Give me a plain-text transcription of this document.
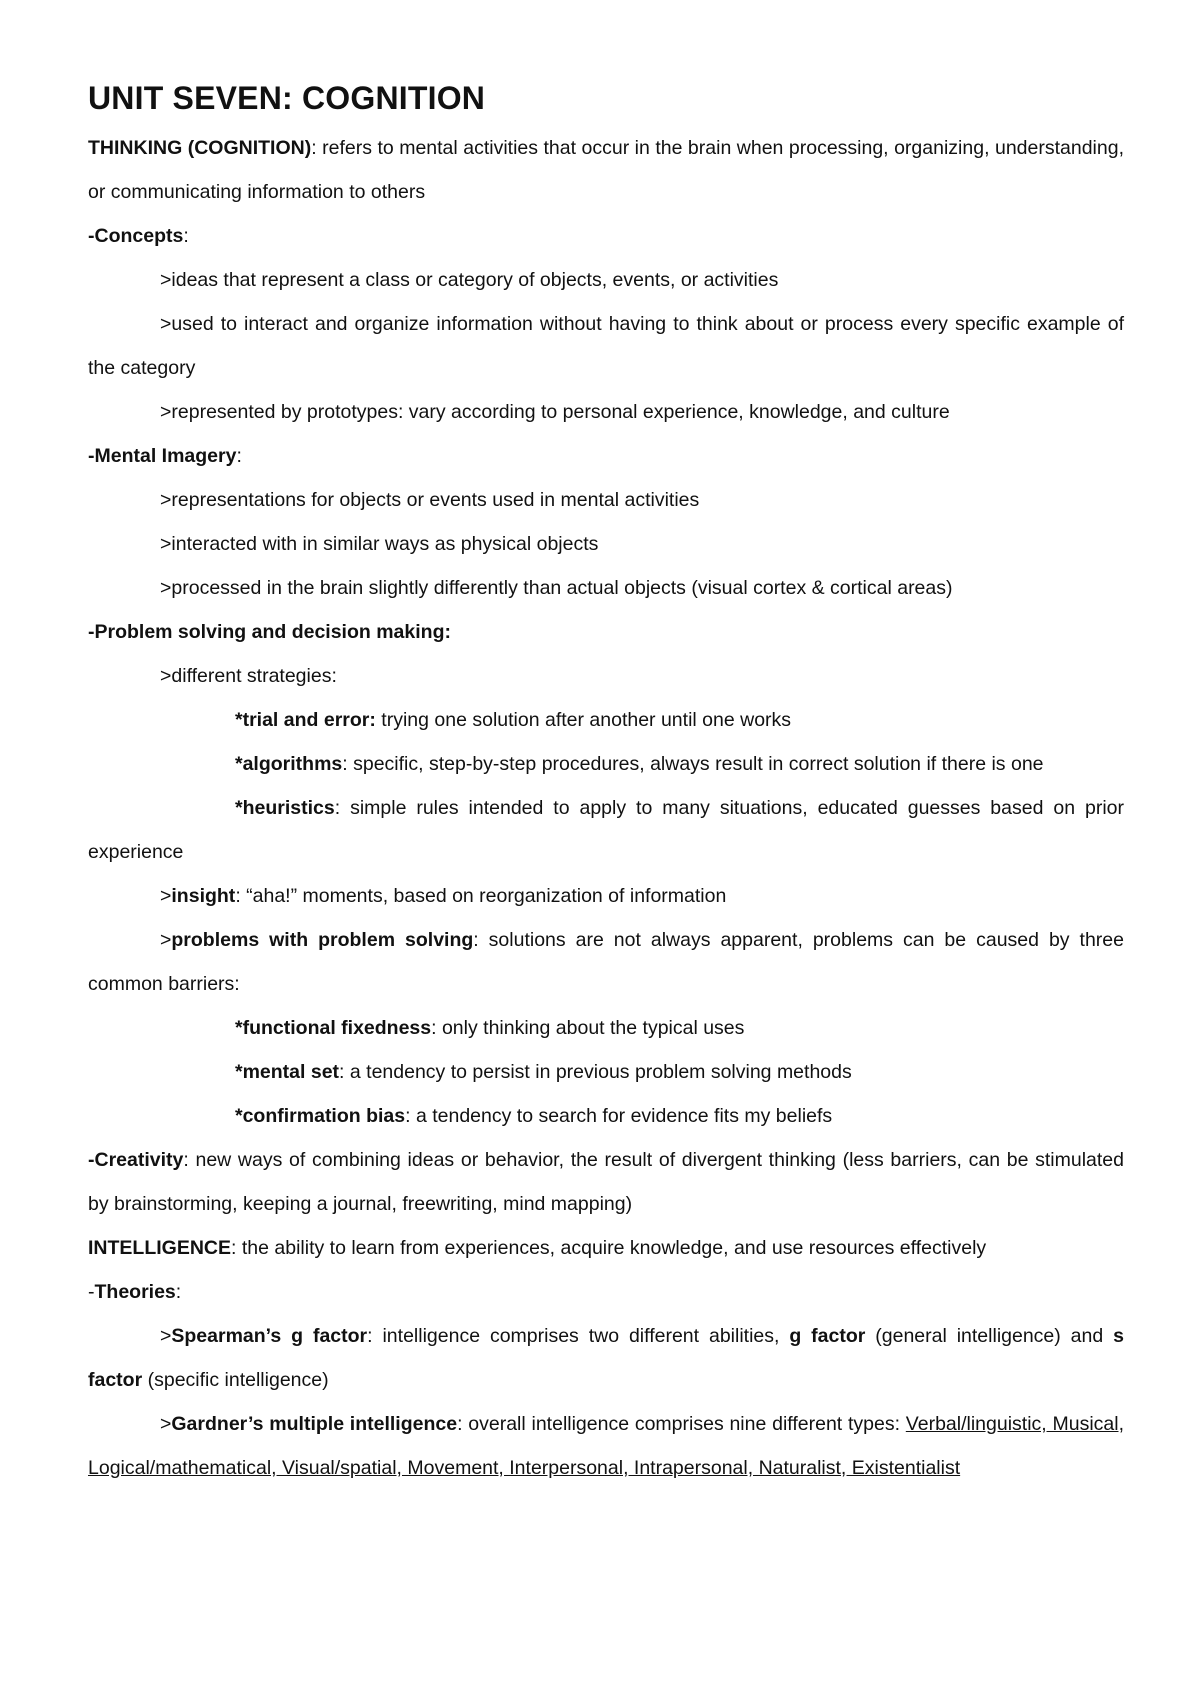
UNIT SEVEN: COGNITION

THINKING (COGNITION): refers to mental activities that occur in the brain when processing, organizing, understanding, or communicating information to others

-Concepts:

>ideas that represent a class or category of objects, events, or activities

>used to interact and organize information without having to think about or process every specific example of the category

>represented by prototypes: vary according to personal experience, knowledge, and culture

-Mental Imagery:

>representations for objects or events used in mental activities

>interacted with in similar ways as physical objects

>processed in the brain slightly differently than actual objects (visual cortex & cortical areas)

-Problem solving and decision making:

>different strategies:

*trial and error: trying one solution after another until one works

*algorithms: specific, step-by-step procedures, always result in correct solution if there is one

*heuristics: simple rules intended to apply to many situations, educated guesses based on prior experience

>insight: “aha!” moments, based on reorganization of information

>problems with problem solving: solutions are not always apparent, problems can be caused by three common barriers:

*functional fixedness: only thinking about the typical uses

*mental set: a tendency to persist in previous problem solving methods

*confirmation bias: a tendency to search for evidence fits my beliefs

-Creativity: new ways of combining ideas or behavior, the result of divergent thinking (less barriers, can be stimulated by brainstorming, keeping a journal, freewriting, mind mapping)

INTELLIGENCE: the ability to learn from experiences, acquire knowledge, and use resources effectively

-Theories:

>Spearman’s g factor: intelligence comprises two different abilities, g factor (general intelligence) and s factor (specific intelligence)

>Gardner’s multiple intelligence: overall intelligence comprises nine different types: Verbal/linguistic, Musical, Logical/mathematical, Visual/spatial, Movement, Interpersonal, Intrapersonal, Naturalist, Existentialist
